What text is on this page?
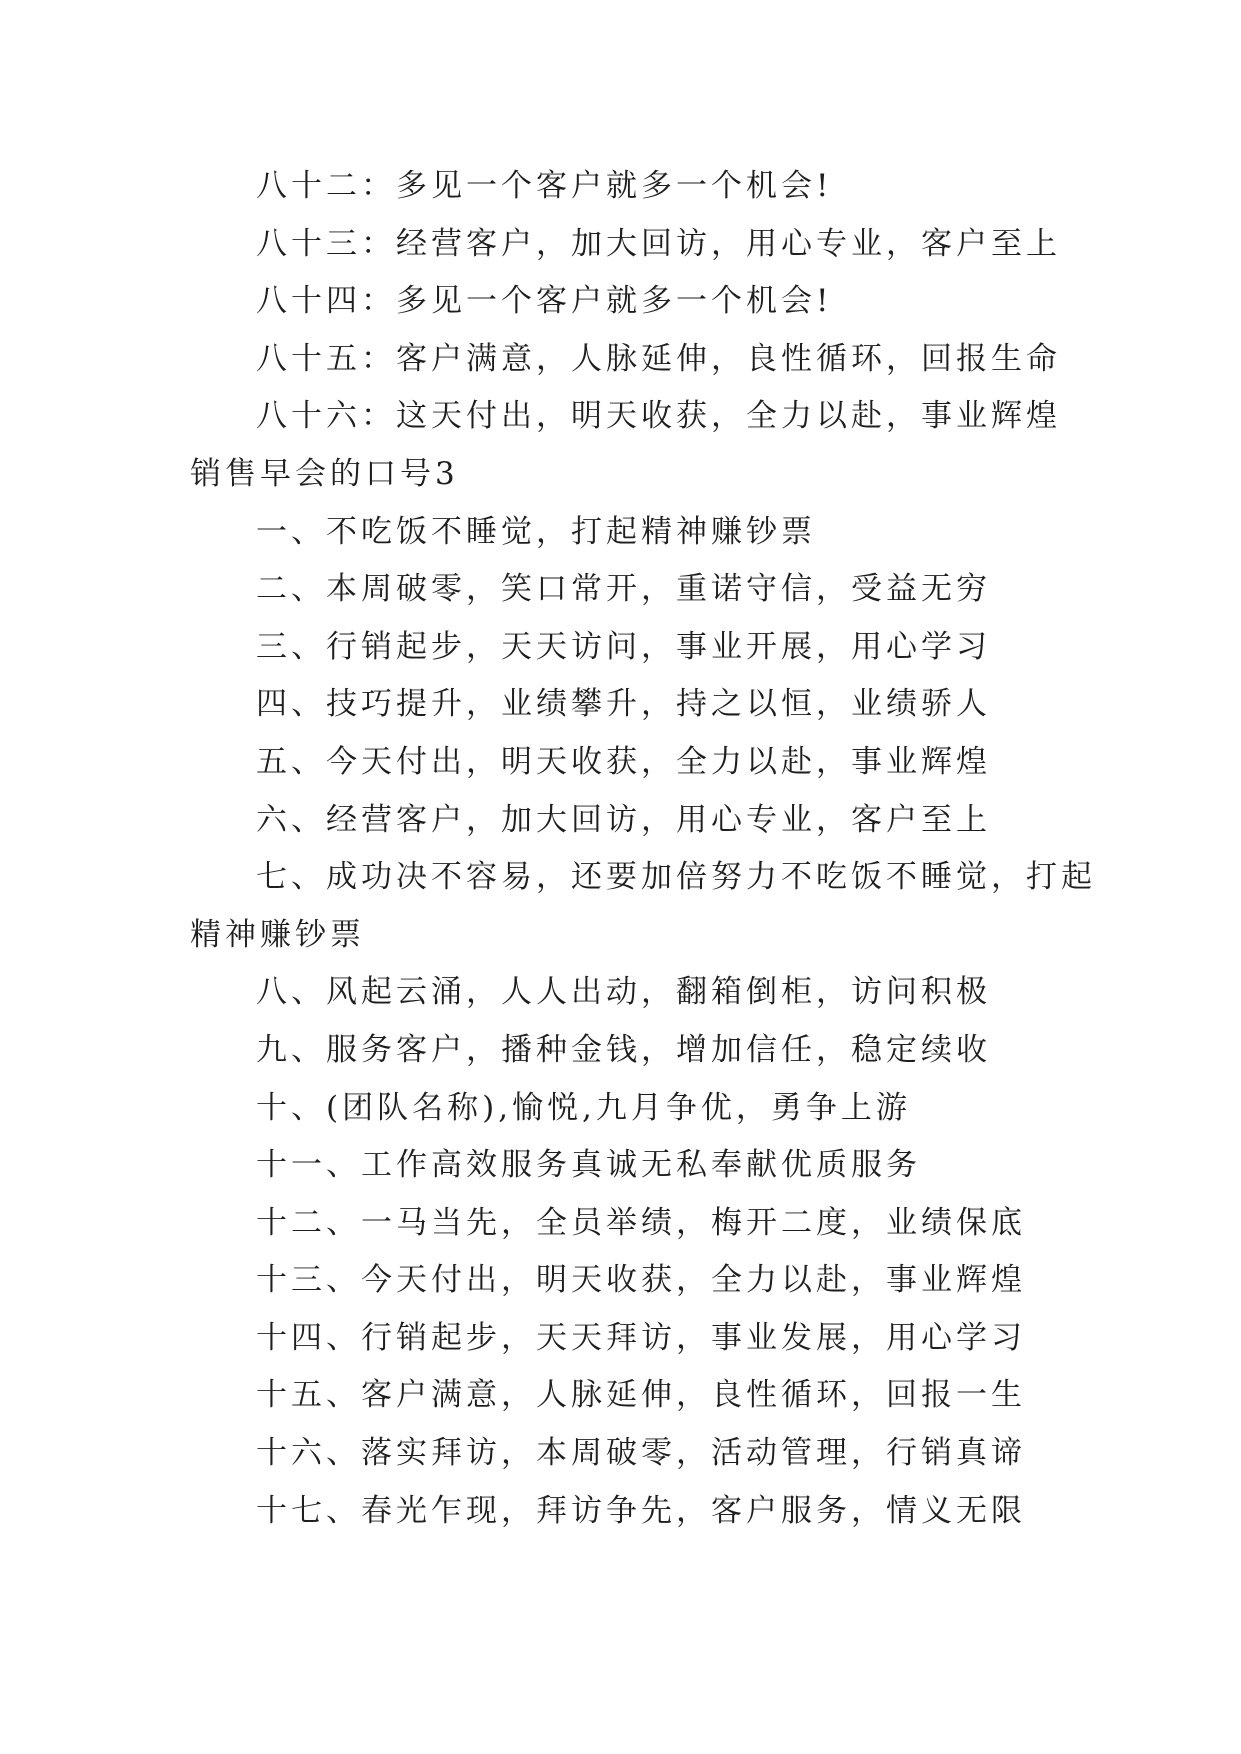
八十二：多见一个客户就多一个机会!

八十三：经营客户，加大回访，用心专业，客户至上

八十四：多见一个客户就多一个机会!

八十五：客户满意，人脉延伸，良性循环，回报生命

八十六：这天付出，明天收获，全力以赴，事业辉煌

销售早会的口号3

一、不吃饭不睡觉，打起精神赚钞票

二、本周破零，笑口常开，重诺守信，受益无穷

三、行销起步，天天访问，事业开展，用心学习

四、技巧提升，业绩攀升，持之以恒，业绩骄人

五、今天付出，明天收获，全力以赴，事业辉煌

六、经营客户，加大回访，用心专业，客户至上

七、成功决不容易，还要加倍努力不吃饭不睡觉，打起

精神赚钞票

八、风起云涌，人人出动，翻箱倒柜，访问积极

九、服务客户，播种金钱，增加信任，稳定续收

十、(团队名称),愉悦,九月争优，勇争上游

十一、工作高效服务真诚无私奉献优质服务

十二、一马当先，全员举绩，梅开二度，业绩保底

十三、今天付出，明天收获，全力以赴，事业辉煌

十四、行销起步，天天拜访，事业发展，用心学习

十五、客户满意，人脉延伸，良性循环，回报一生

十六、落实拜访，本周破零，活动管理，行销真谛

十七、春光乍现，拜访争先，客户服务，情义无限
